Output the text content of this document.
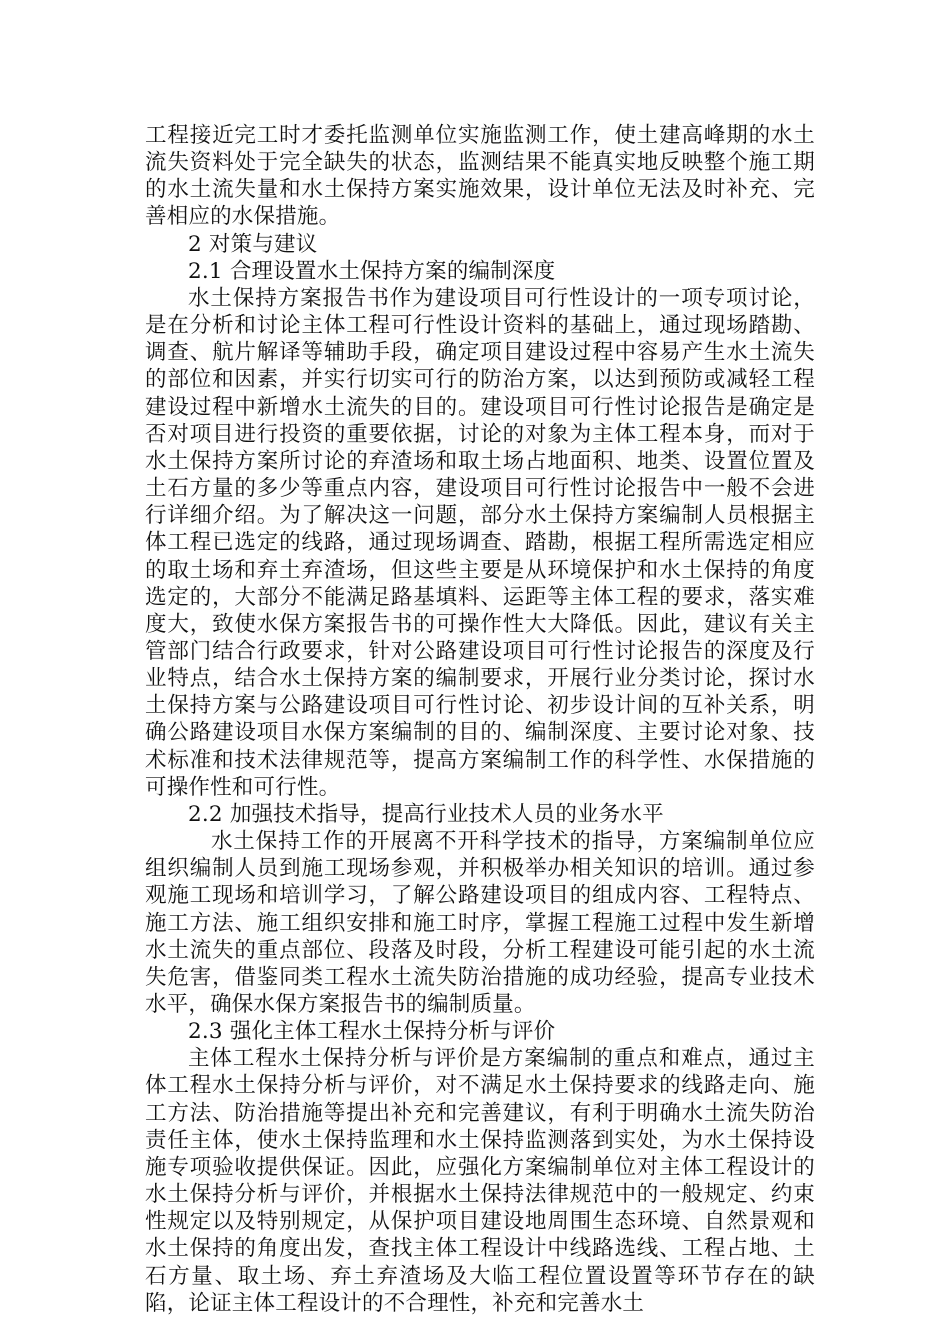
工程接近完工时才委托监测单位实施监测工作，使土建高峰期的水土流失资料处于完全缺失的状态，监测结果不能真实地反映整个施工期的水土流失量和水土保持方案实施效果，设计单位无法及时补充、完善相应的水保措施。

2 对策与建议

2.1 合理设置水土保持方案的编制深度

水土保持方案报告书作为建设项目可行性设计的一项专项讨论，是在分析和讨论主体工程可行性设计资料的基础上，通过现场踏勘、调查、航片解译等辅助手段，确定项目建设过程中容易产生水土流失的部位和因素，并实行切实可行的防治方案，以达到预防或减轻工程建设过程中新增水土流失的目的。建设项目可行性讨论报告是确定是否对项目进行投资的重要依据，讨论的对象为主体工程本身，而对于水土保持方案所讨论的弃渣场和取土场占地面积、地类、设置位置及土石方量的多少等重点内容，建设项目可行性讨论报告中一般不会进行详细介绍。为了解决这一问题，部分水土保持方案编制人员根据主体工程已选定的线路，通过现场调查、踏勘，根据工程所需选定相应的取土场和弃土弃渣场，但这些主要是从环境保护和水土保持的角度选定的，大部分不能满足路基填料、运距等主体工程的要求，落实难度大，致使水保方案报告书的可操作性大大降低。因此，建议有关主管部门结合行政要求，针对公路建设项目可行性讨论报告的深度及行业特点，结合水土保持方案的编制要求，开展行业分类讨论，探讨水土保持方案与公路建设项目可行性讨论、初步设计间的互补关系，明确公路建设项目水保方案编制的目的、编制深度、主要讨论对象、技术标准和技术法律规范等，提高方案编制工作的科学性、水保措施的可操作性和可行性。

2.2 加强技术指导，提高行业技术人员的业务水平

水土保持工作的开展离不开科学技术的指导，方案编制单位应组织编制人员到施工现场参观，并积极举办相关知识的培训。通过参观施工现场和培训学习，了解公路建设项目的组成内容、工程特点、施工方法、施工组织安排和施工时序，掌握工程施工过程中发生新增水土流失的重点部位、段落及时段，分析工程建设可能引起的水土流失危害，借鉴同类工程水土流失防治措施的成功经验，提高专业技术水平，确保水保方案报告书的编制质量。

2.3 强化主体工程水土保持分析与评价

主体工程水土保持分析与评价是方案编制的重点和难点，通过主体工程水土保持分析与评价，对不满足水土保持要求的线路走向、施工方法、防治措施等提出补充和完善建议，有利于明确水土流失防治责任主体，使水土保持监理和水土保持监测落到实处，为水土保持设施专项验收提供保证。因此，应强化方案编制单位对主体工程设计的水土保持分析与评价，并根据水土保持法律规范中的一般规定、约束性规定以及特别规定，从保护项目建设地周围生态环境、自然景观和水土保持的角度出发，查找主体工程设计中线路选线、工程占地、土石方量、取土场、弃土弃渣场及大临工程位置设置等环节存在的缺陷，论证主体工程设计的不合理性，补充和完善水土
